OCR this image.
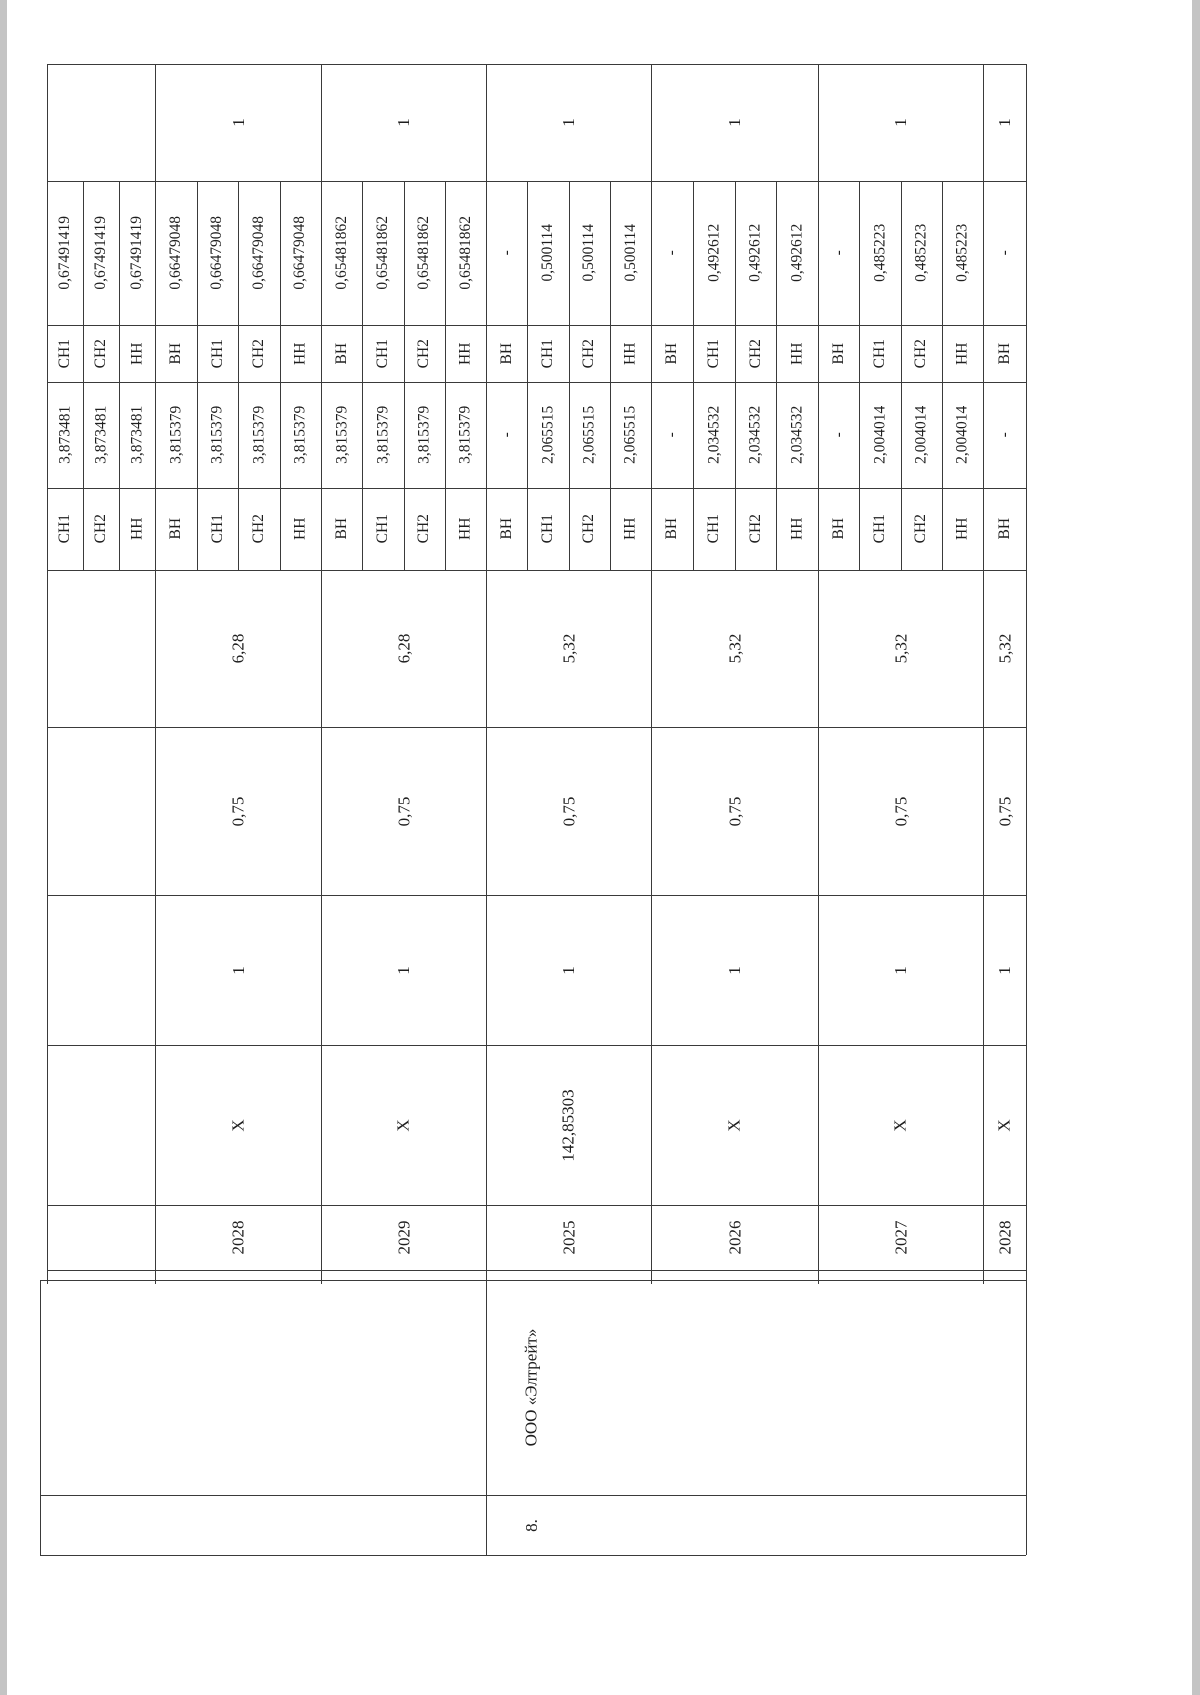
СН1
0,67491419
3,873481
СН1
СН2
0,67491419
3,873481
СН2
НН
0,67491419
3,873481
НН
1
6,28
0,75
1
X
2028
ВН
0,66479048
3,815379
ВН
СН1
0,66479048
3,815379
СН1
СН2
0,66479048
3,815379
СН2
НН
0,66479048
3,815379
НН
1
6,28
0,75
1
X
2029
ВН
0,65481862
3,815379
ВН
СН1
0,65481862
3,815379
СН1
СН2
0,65481862
3,815379
СН2
НН
0,65481862
3,815379
НН
1
5,32
0,75
1
142,85303
2025
ВН
-
-
ВН
СН1
0,500114
2,065515
СН1
СН2
0,500114
2,065515
СН2
НН
0,500114
2,065515
НН
1
5,32
0,75
1
X
2026
ВН
-
-
ВН
СН1
0,492612
2,034532
СН1
СН2
0,492612
2,034532
СН2
НН
0,492612
2,034532
НН
1
5,32
0,75
1
X
2027
ВН
-
-
ВН
СН1
0,485223
2,004014
СН1
СН2
0,485223
2,004014
СН2
НН
0,485223
2,004014
НН
1
5,32
0,75
1
X
2028
ВН
-
-
ВН
8.
ООО «Элтрейт»
